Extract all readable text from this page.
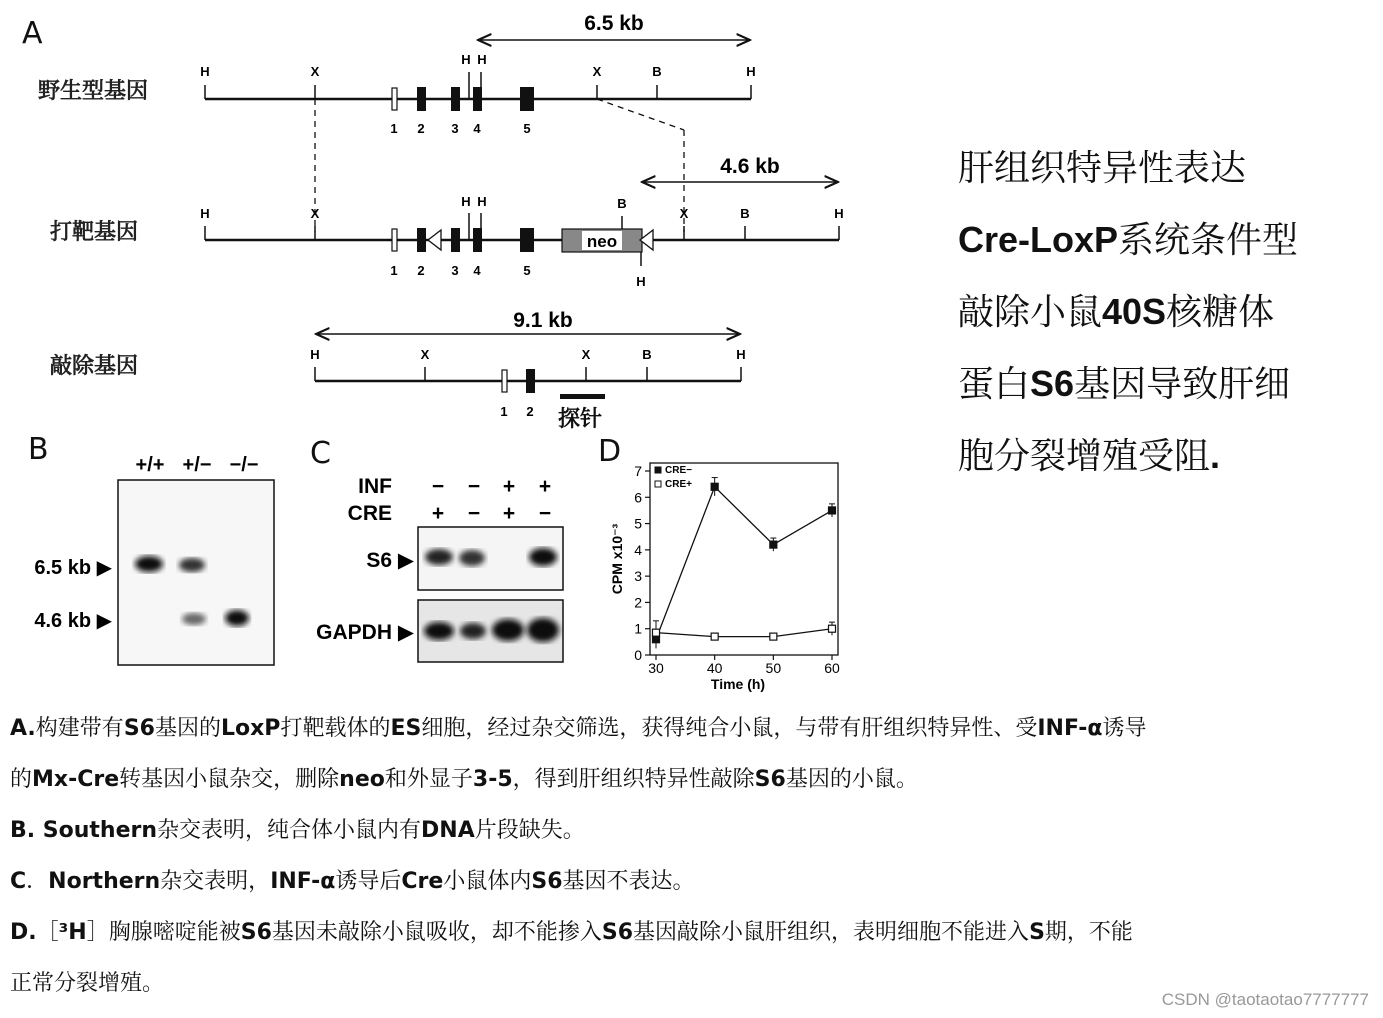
A
H	X
H H
X	B	H
1 2 3 4	5
H	X
H H	B
H
X	B	H
1 2 3 4	5
neo
H	X	X	B	H
1 2
6.5 kb
4.6 kb
9.1 kb
野生型基因
打靶基因
敲除基因
探针
肝组织特异性表达
Cre-LoxP系统条件型
敲除小鼠40S核糖体
蛋白S6基因导致肝细
胞分裂增殖受阻.
B	+/+ +/− −/−
6.5 kb ▶
4.6 kb ▶
C
INF
CRE
− − + +
+ − + −
S6 ▶
GAPDH ▶
D
0
1
2
3
4
5
6
7
30	40	50	60
Time (h)
CPM x10⁻³
CRE−
CRE+
A.构建带有S6基因的LoxP打靶载体的ES细胞，经过杂交筛选，获得纯合小鼠，与带有肝组织特异性、受INF-α诱导
的Mx-Cre转基因小鼠杂交，删除neo和外显子3-5，得到肝组织特异性敲除S6基因的小鼠。
B. Southern杂交表明，纯合体小鼠内有DNA片段缺失。
C．Northern杂交表明，INF-α诱导后Cre小鼠体内S6基因不表达。
D.［³H］胸腺嘧啶能被S6基因未敲除小鼠吸收，却不能掺入S6基因敲除小鼠肝组织，表明细胞不能进入S期，不能
正常分裂增殖。
CSDN @taotaotao7777777
